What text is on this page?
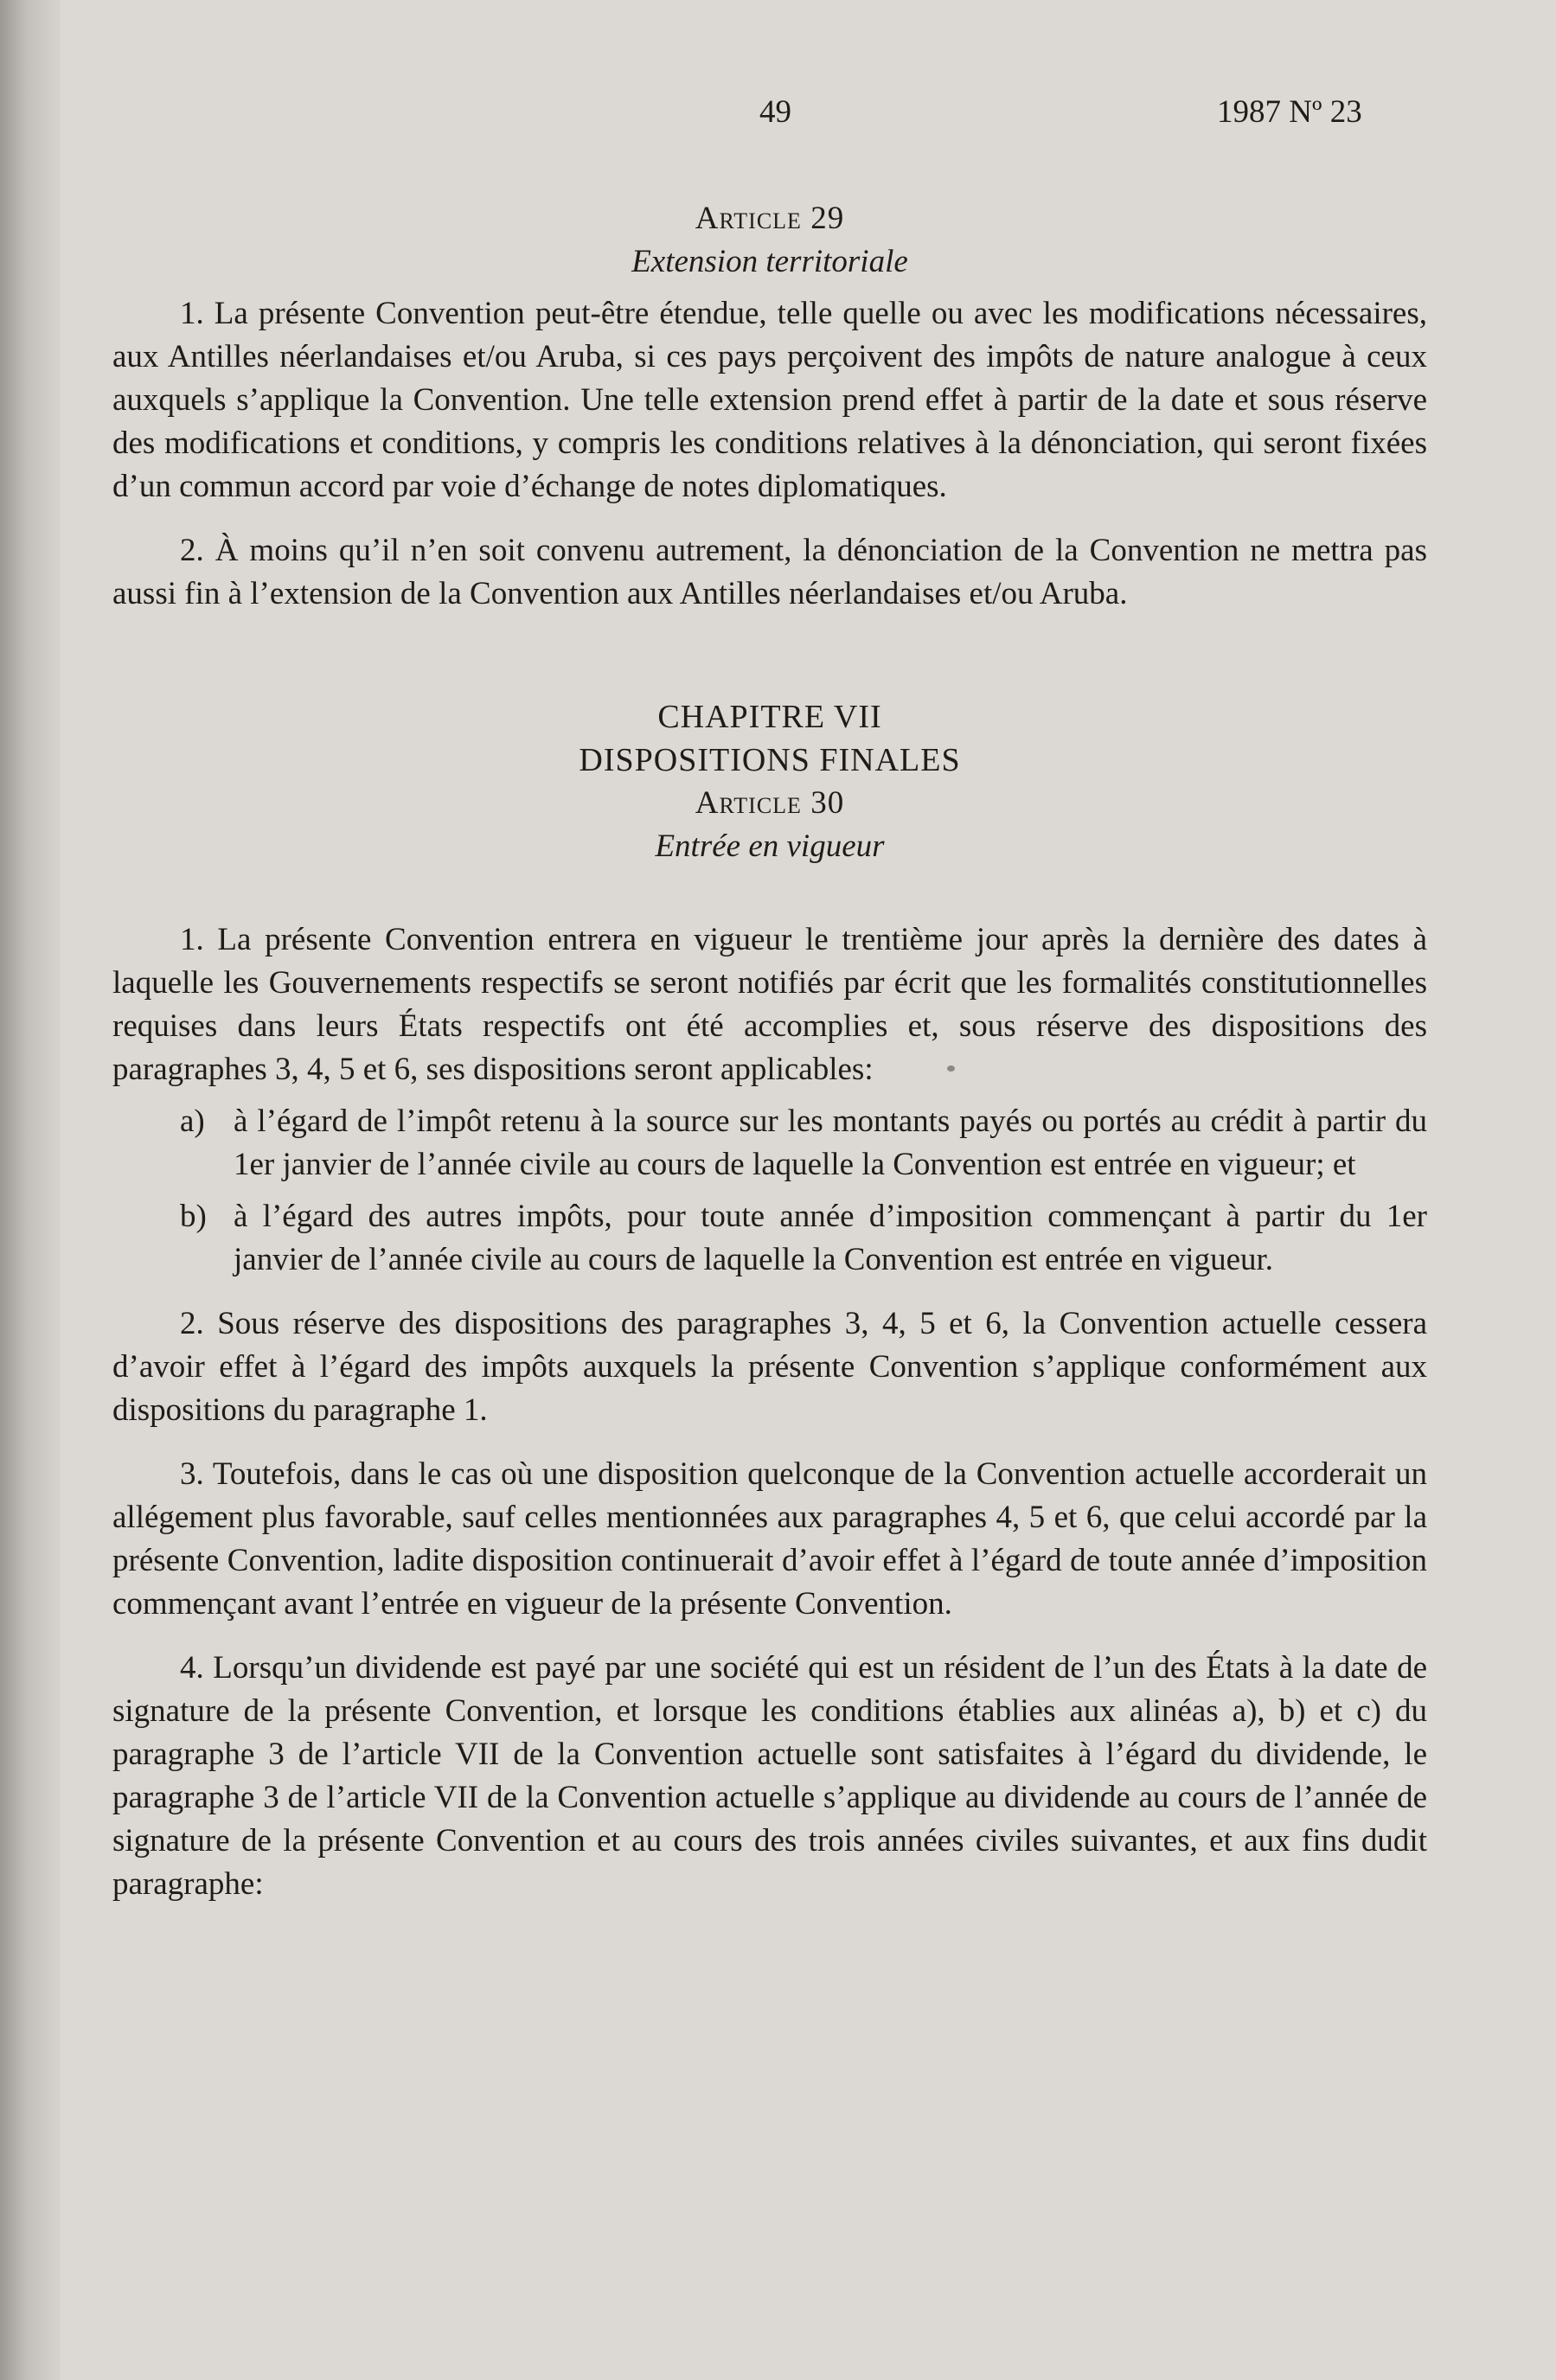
49	1987 Nº 23

Article 29

Extension territoriale

1. La présente Convention peut-être étendue, telle quelle ou avec les modifications nécessaires, aux Antilles néerlandaises et/ou Aruba, si ces pays perçoivent des impôts de nature analogue à ceux auxquels s’applique la Convention. Une telle extension prend effet à partir de la date et sous réserve des modifications et conditions, y compris les conditions relatives à la dénonciation, qui seront fixées d’un commun accord par voie d’échange de notes diplomatiques.

2. À moins qu’il n’en soit convenu autrement, la dénonciation de la Convention ne mettra pas aussi fin à l’extension de la Convention aux Antilles néerlandaises et/ou Aruba.

CHAPITRE VII

DISPOSITIONS FINALES

Article 30

Entrée en vigueur

1. La présente Convention entrera en vigueur le trentième jour après la dernière des dates à laquelle les Gouvernements respectifs se seront notifiés par écrit que les formalités constitutionnelles requises dans leurs États respectifs ont été accomplies et, sous réserve des dispositions des paragraphes 3, 4, 5 et 6, ses dispositions seront applicables:

a) à l’égard de l’impôt retenu à la source sur les montants payés ou portés au crédit à partir du 1er janvier de l’année civile au cours de laquelle la Convention est entrée en vigueur; et
b) à l’égard des autres impôts, pour toute année d’imposition commençant à partir du 1er janvier de l’année civile au cours de laquelle la Convention est entrée en vigueur.

2. Sous réserve des dispositions des paragraphes 3, 4, 5 et 6, la Convention actuelle cessera d’avoir effet à l’égard des impôts auxquels la présente Convention s’applique conformément aux dispositions du paragraphe 1.

3. Toutefois, dans le cas où une disposition quelconque de la Convention actuelle accorderait un allégement plus favorable, sauf celles mentionnées aux paragraphes 4, 5 et 6, que celui accordé par la présente Convention, ladite disposition continuerait d’avoir effet à l’égard de toute année d’imposition commençant avant l’entrée en vigueur de la présente Convention.

4. Lorsqu’un dividende est payé par une société qui est un résident de l’un des États à la date de signature de la présente Convention, et lorsque les conditions établies aux alinéas a), b) et c) du paragraphe 3 de l’article VII de la Convention actuelle sont satisfaites à l’égard du dividende, le paragraphe 3 de l’article VII de la Convention actuelle s’applique au dividende au cours de l’année de signature de la présente Convention et au cours des trois années civiles suivantes, et aux fins dudit paragraphe:
